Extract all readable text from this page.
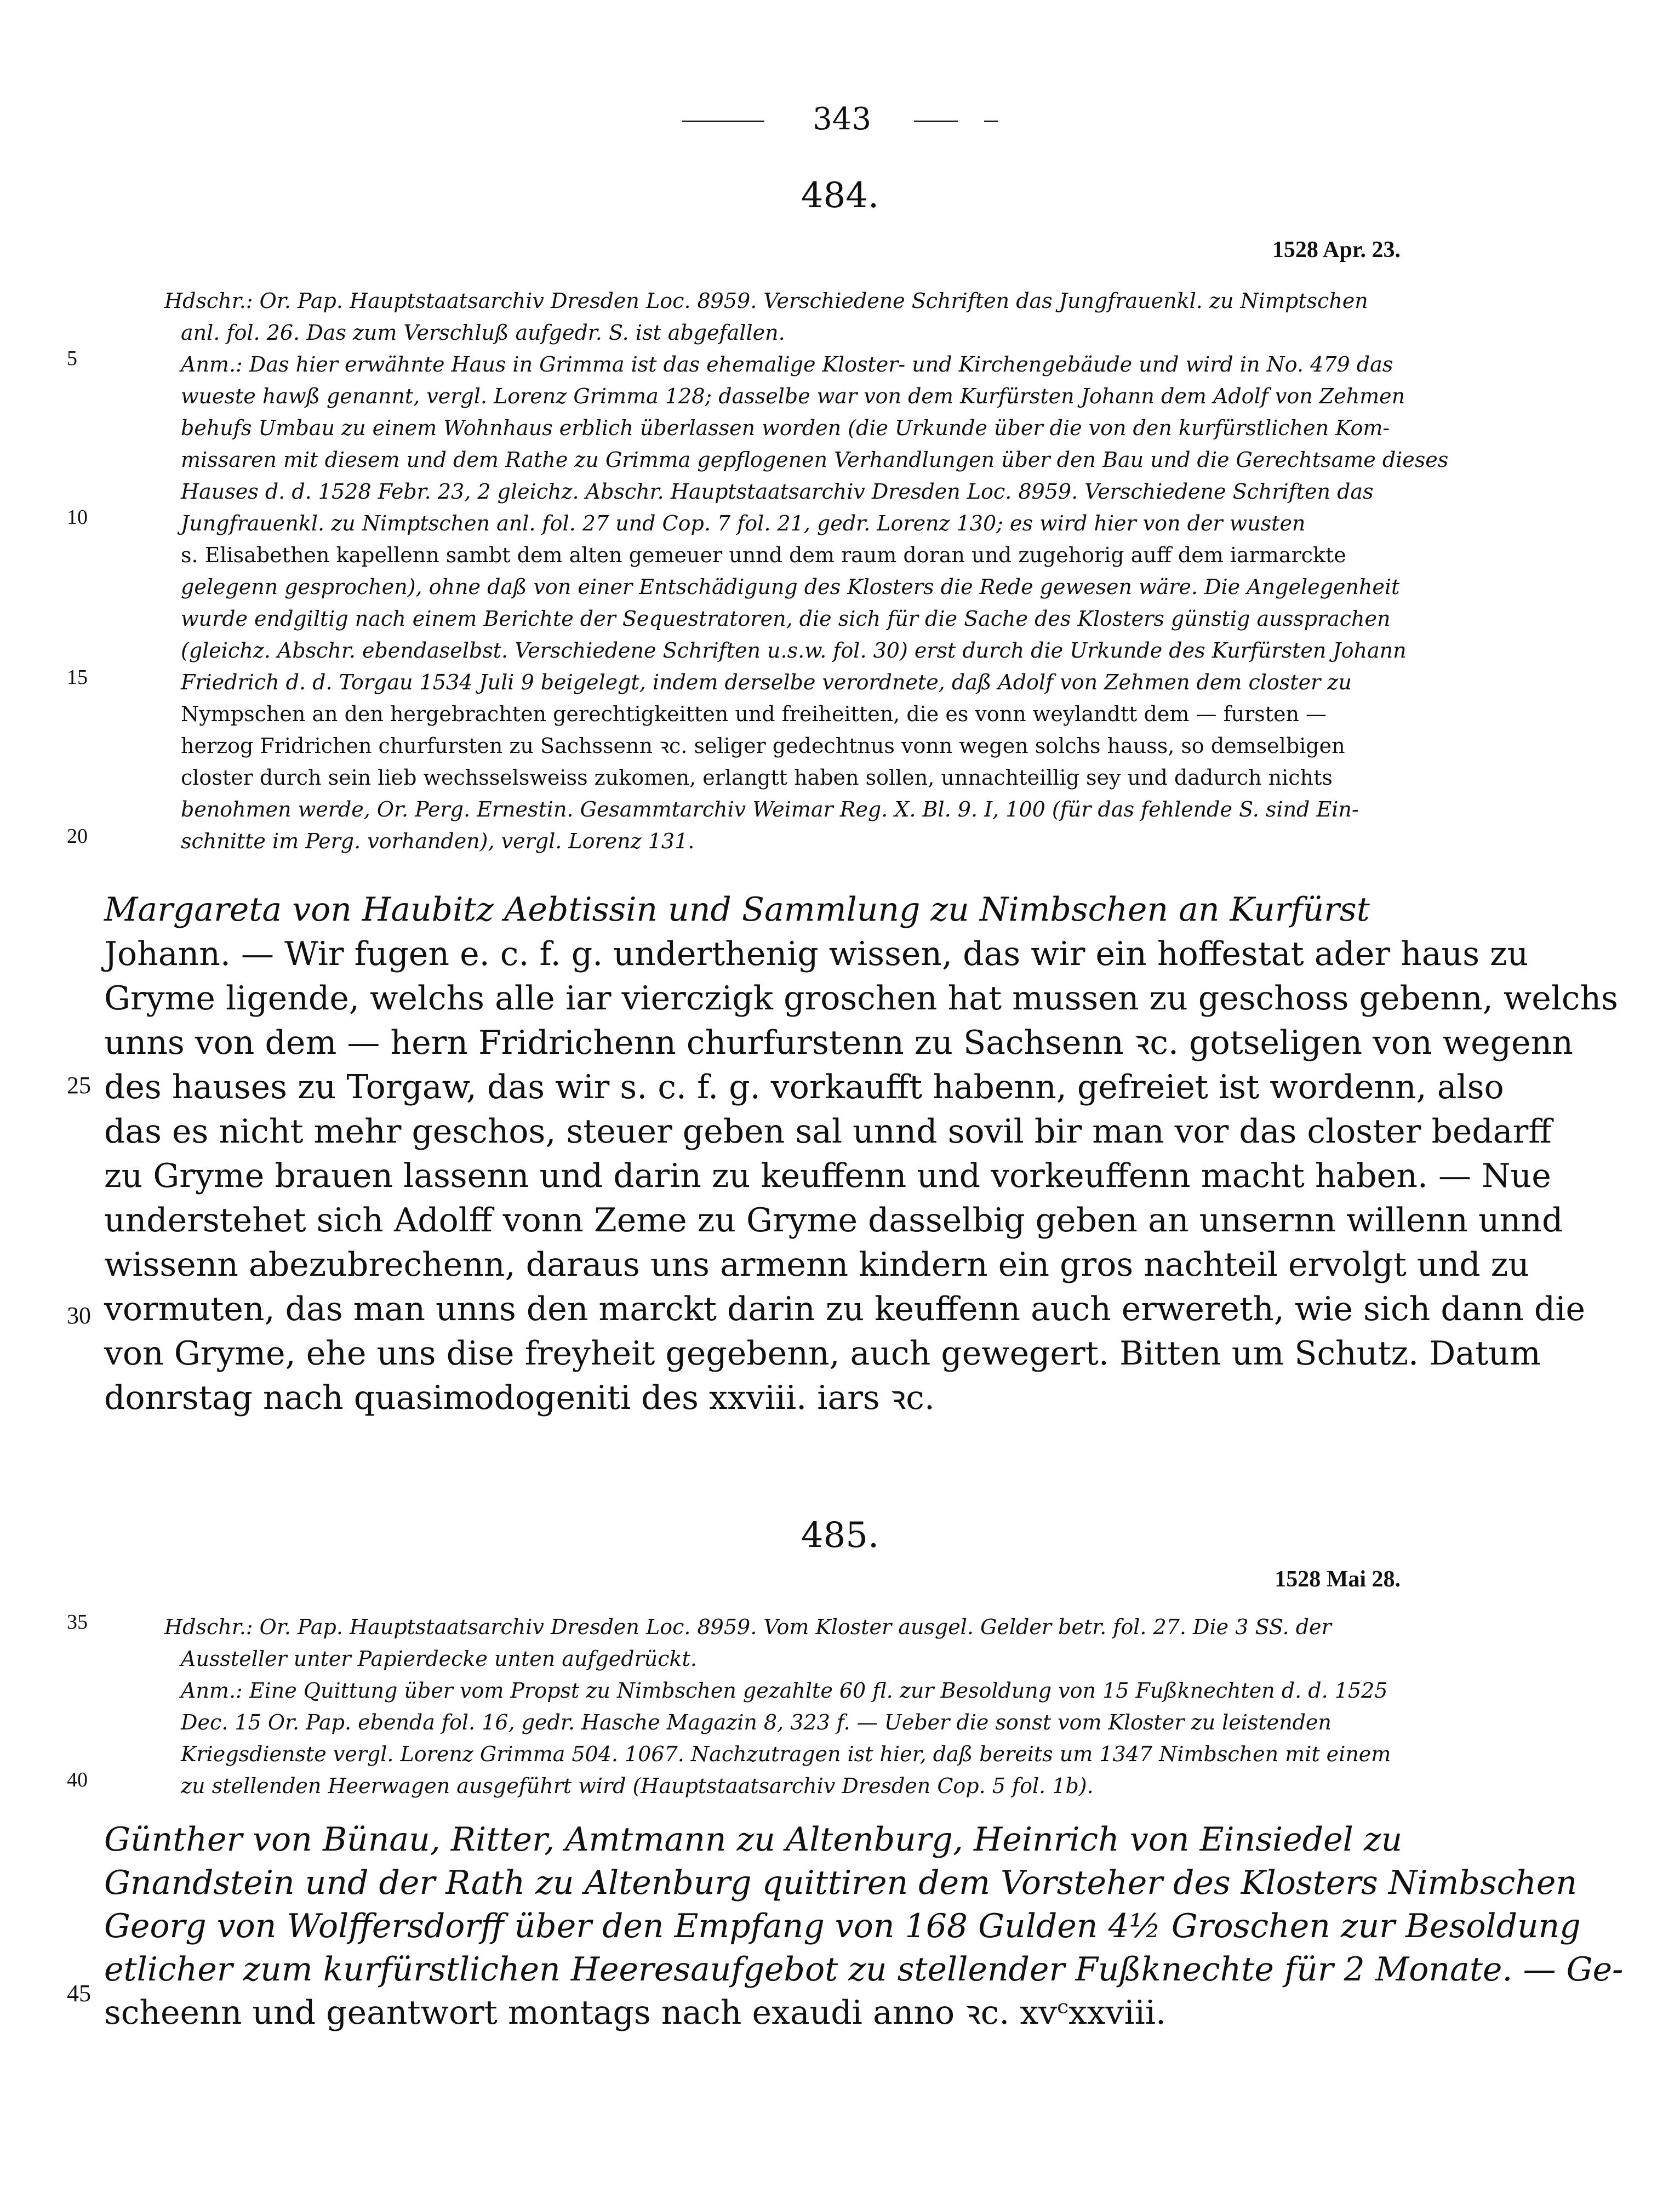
343
484.
1528 Apr. 23.
Hdschr.: Or. Pap. Hauptstaatsarchiv Dresden Loc. 8959. Verschiedene Schriften das Jungfrauenkl. zu Nimptschen
anl. fol. 26. Das zum Verschluß aufgedr. S. ist abgefallen.
Anm.: Das hier erwähnte Haus in Grimma ist das ehemalige Kloster- und Kirchengebäude und wird in No. 479 das
wueste hawß genannt, vergl. Lorenz Grimma 128; dasselbe war von dem Kurfürsten Johann dem Adolf von Zehmen
behufs Umbau zu einem Wohnhaus erblich überlassen worden (die Urkunde über die von den kurfürstlichen Kom-
missaren mit diesem und dem Rathe zu Grimma gepflogenen Verhandlungen über den Bau und die Gerechtsame dieses
Hauses d. d. 1528 Febr. 23, 2 gleichz. Abschr. Hauptstaatsarchiv Dresden Loc. 8959. Verschiedene Schriften das
Jungfrauenkl. zu Nimptschen anl. fol. 27 und Cop. 7 fol. 21, gedr. Lorenz 130; es wird hier von der wusten
s. Elisabethen kapellenn sambt dem alten gemeuer unnd dem raum doran und zugehorig auff dem iarmarckte
gelegenn gesprochen), ohne daß von einer Entschädigung des Klosters die Rede gewesen wäre. Die Angelegenheit
wurde endgiltig nach einem Berichte der Sequestratoren, die sich für die Sache des Klosters günstig aussprachen
(gleichz. Abschr. ebendaselbst. Verschiedene Schriften u.s.w. fol. 30) erst durch die Urkunde des Kurfürsten Johann
Friedrich d. d. Torgau 1534 Juli 9 beigelegt, indem derselbe verordnete, daß Adolf von Zehmen dem closter zu
Nympschen an den hergebrachten gerechtigkeitten und freiheitten, die es vonn weylandtt dem — fursten —
herzog Fridrichen churfursten zu Sachssenn ꝛc. seliger gedechtnus vonn wegen solchs hauss, so demselbigen
closter durch sein lieb wechsselsweiss zukomen, erlangtt haben sollen, unnachteillig sey und dadurch nichts
benohmen werde, Or. Perg. Ernestin. Gesammtarchiv Weimar Reg. X. Bl. 9. I, 100 (für das fehlende S. sind Ein-
schnitte im Perg. vorhanden), vergl. Lorenz 131.
Margareta von Haubitz Aebtissin und Sammlung zu Nimbschen an Kurfürst
Johann. — Wir fugen e. c. f. g. underthenig wissen, das wir ein hoffestat ader haus zu
Gryme ligende, welchs alle iar vierczigk groschen hat mussen zu geschoss gebenn, welchs
unns von dem — hern Fridrichenn churfurstenn zu Sachsenn ꝛc. gotseligen von wegenn
des hauses zu Torgaw, das wir s. c. f. g. vorkaufft habenn, gefreiet ist wordenn, also
das es nicht mehr geschos, steuer geben sal unnd sovil bir man vor das closter bedarff
zu Gryme brauen lassenn und darin zu keuffenn und vorkeuffenn macht haben. — Nue
understehet sich Adolff vonn Zeme zu Gryme dasselbig geben an unsernn willenn unnd
wissenn abezubrechenn, daraus uns armenn kindern ein gros nachteil ervolgt und zu
vormuten, das man unns den marckt darin zu keuffenn auch erwereth, wie sich dann die
von Gryme, ehe uns dise freyheit gegebenn, auch gewegert. Bitten um Schutz. Datum
donrstag nach quasimodogeniti des xxviii. iars ꝛc.
485.
1528 Mai 28.
Hdschr.: Or. Pap. Hauptstaatsarchiv Dresden Loc. 8959. Vom Kloster ausgel. Gelder betr. fol. 27. Die 3 SS. der
Aussteller unter Papierdecke unten aufgedrückt.
Anm.: Eine Quittung über vom Propst zu Nimbschen gezahlte 60 fl. zur Besoldung von 15 Fußknechten d. d. 1525
Dec. 15 Or. Pap. ebenda fol. 16, gedr. Hasche Magazin 8, 323 f. — Ueber die sonst vom Kloster zu leistenden
Kriegsdienste vergl. Lorenz Grimma 504. 1067. Nachzutragen ist hier, daß bereits um 1347 Nimbschen mit einem
zu stellenden Heerwagen ausgeführt wird (Hauptstaatsarchiv Dresden Cop. 5 fol. 1b).
Günther von Bünau, Ritter, Amtmann zu Altenburg, Heinrich von Einsiedel zu
Gnandstein und der Rath zu Altenburg quittiren dem Vorsteher des Klosters Nimbschen
Georg von Wolffersdorff über den Empfang von 168 Gulden 4½ Groschen zur Besoldung
etlicher zum kurfürstlichen Heeresaufgebot zu stellender Fußknechte für 2 Monate. — Ge-
scheenn und geantwort montags nach exaudi anno ꝛc. xvᶜxxviii.
5
10
15
20
25
30
35
40
45
